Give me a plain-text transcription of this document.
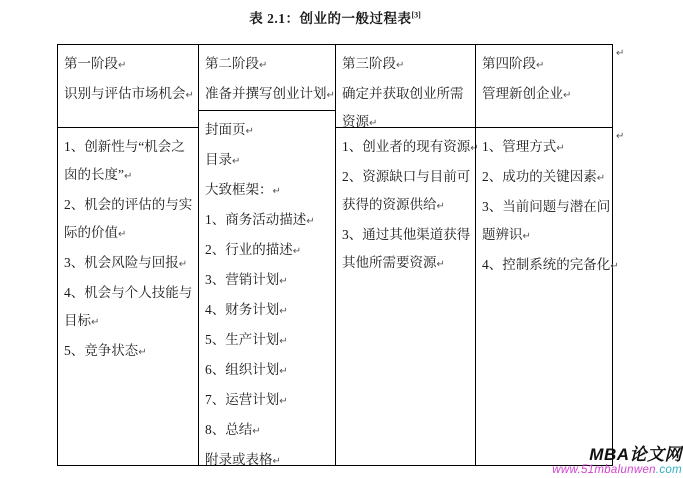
表 2.1：创业的一般过程表[3]
第一阶段↵
识别与评估市场机会↵
1、创新性与“机会之囱的长度”↵
2、机会的评估的与实际的价值↵
3、机会风险与回报↵
4、机会与个人技能与目标↵
5、竞争状态↵
第二阶段↵
准备并撰写创业计划↵
封面页↵
目录↵
大致框架：↵
1、商务活动描述↵
2、行业的描述↵
3、营销计划↵
4、财务计划↵
5、生产计划↵
6、组织计划↵
7、运营计划↵
8、总结↵
附录或表格↵
第三阶段↵
确定并获取创业所需资源↵
1、创业者的现有资源↵
2、资源缺口与目前可获得的资源供给↵
3、通过其他渠道获得其他所需要资源↵
第四阶段↵
管理新创企业↵
1、管理方式↵
2、成功的关键因素↵
3、当前问题与潜在问题辨识↵
4、控制系统的完备化↵
↵
↵
MBA论文网
www.51mbalunwen.com
